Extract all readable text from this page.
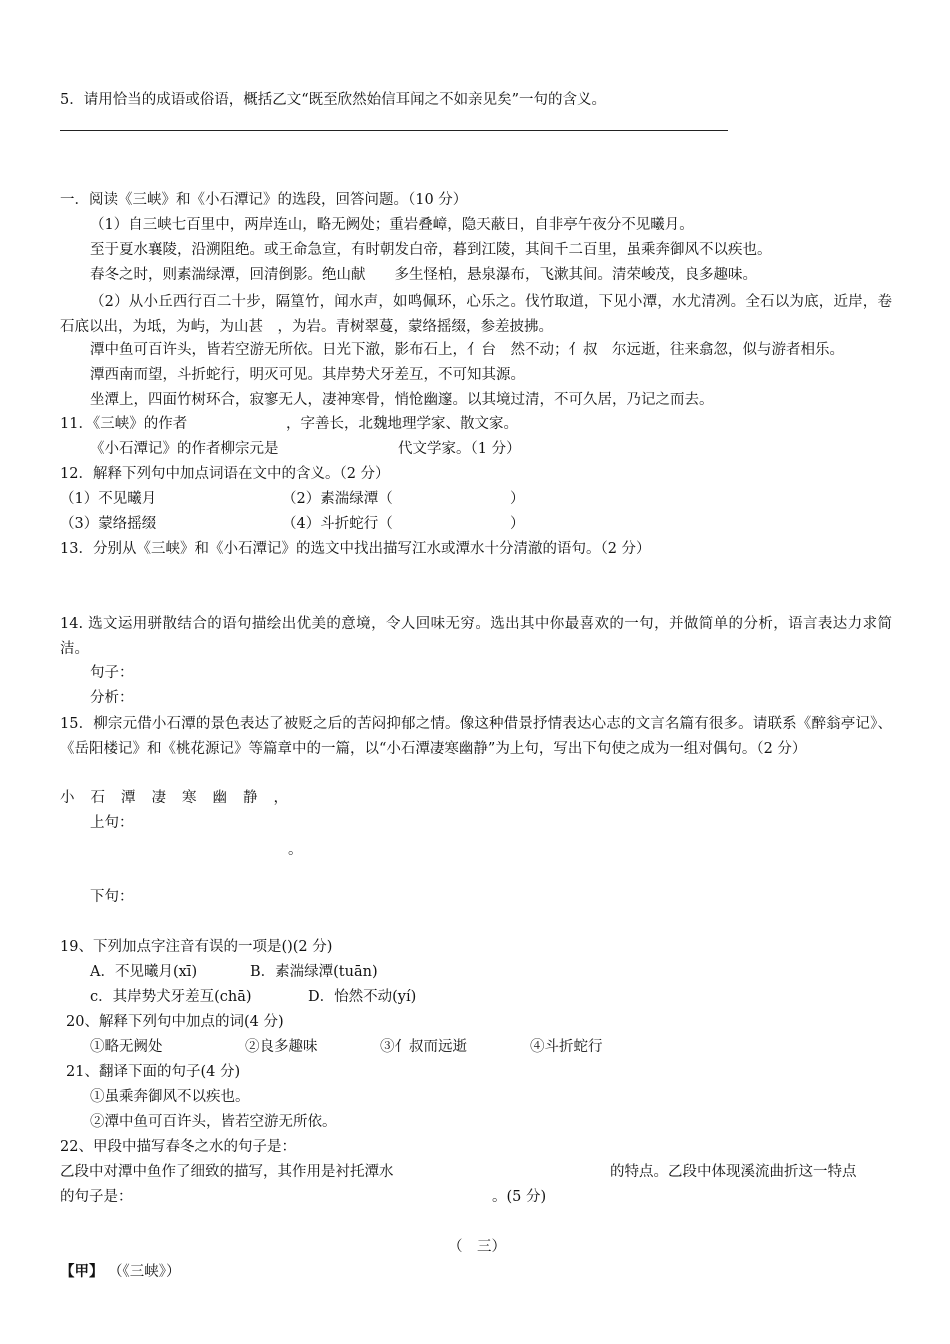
5．请用恰当的成语或俗语，概括乙文“既至欣然始信耳闻之不如亲见矣”一句的含义。
一．阅读《三峡》和《小石潭记》的选段，回答问题。（10 分）
（1）自三峡七百里中，两岸连山，略无阙处；重岩叠嶂，隐天蔽日，自非亭午夜分不见曦月。
至于夏水襄陵，沿溯阻绝。或王命急宣，有时朝发白帝，暮到江陵，其间千二百里，虽乘奔御风不以疾也。
春冬之时，则素湍绿潭，回清倒影。绝山献　　多生怪柏，悬泉瀑布，飞漱其间。清荣峻茂，良多趣味。
（2）从小丘西行百二十步，隔篁竹，闻水声，如鸣佩环，心乐之。伐竹取道，下见小潭，水尤清冽。全石以为底，近岸，卷石底以出，为坻，为屿，为山甚　，为岩。青树翠蔓，蒙络摇缀，参差披拂。
潭中鱼可百许头，皆若空游无所依。日光下澈，影布石上，亻台　然不动；亻叔　尔远逝，往来翕忽，似与游者相乐。
潭西南而望，斗折蛇行，明灭可见。其岸势犬牙差互，不可知其源。
坐潭上，四面竹树环合，寂寥无人，凄神寒骨，悄怆幽邃。以其境过清，不可久居，乃记之而去。
11．《三峡》的作者	，字善长，北魏地理学家、散文家。
《小石潭记》的作者柳宗元是	代文学家。（1 分）
12．解释下列句中加点词语在文中的含义。（2 分）
（1）不见曦月	（2）素湍绿潭（	）
（3）蒙络摇缀	（4）斗折蛇行（	）
13．分别从《三峡》和《小石潭记》的选文中找出描写江水或潭水十分清澈的语句。（2 分）
14. 选文运用骈散结合的语句描绘出优美的意境，令人回味无穷。选出其中你最喜欢的一句，并做简单的分析，语言表达力求简洁。
句子：
分析：
15．柳宗元借小石潭的景色表达了被贬之后的苦闷抑郁之情。像这种借景抒情表达心志的文言名篇有很多。请联系《醉翁亭记》、《岳阳楼记》和《桃花源记》等篇章中的一篇，以“小石潭凄寒幽静”为上句，写出下句使之成为一组对偶句。（2 分）
小石潭凄寒幽静，
上句：
。
下句：
19、下列加点字注音有误的一项是()(2 分)
A．不见曦月(xī)	B．素湍绿潭(tuān)
c．其岸势犬牙差互(chā)	D．怡然不动(yí)
20、解释下列句中加点的词(4 分)
①略无阙处	②良多趣味	③亻叔而远逝	④斗折蛇行
21、翻译下面的句子(4 分)
①虽乘奔御风不以疾也。
②潭中鱼可百许头，皆若空游无所依。
22、甲段中描写春冬之水的句子是：
乙段中对潭中鱼作了细致的描写，其作用是衬托潭水	的特点。乙段中体现溪流曲折这一特点
的句子是：	。(5 分)
（　三）
【甲】 （《三峡》）
